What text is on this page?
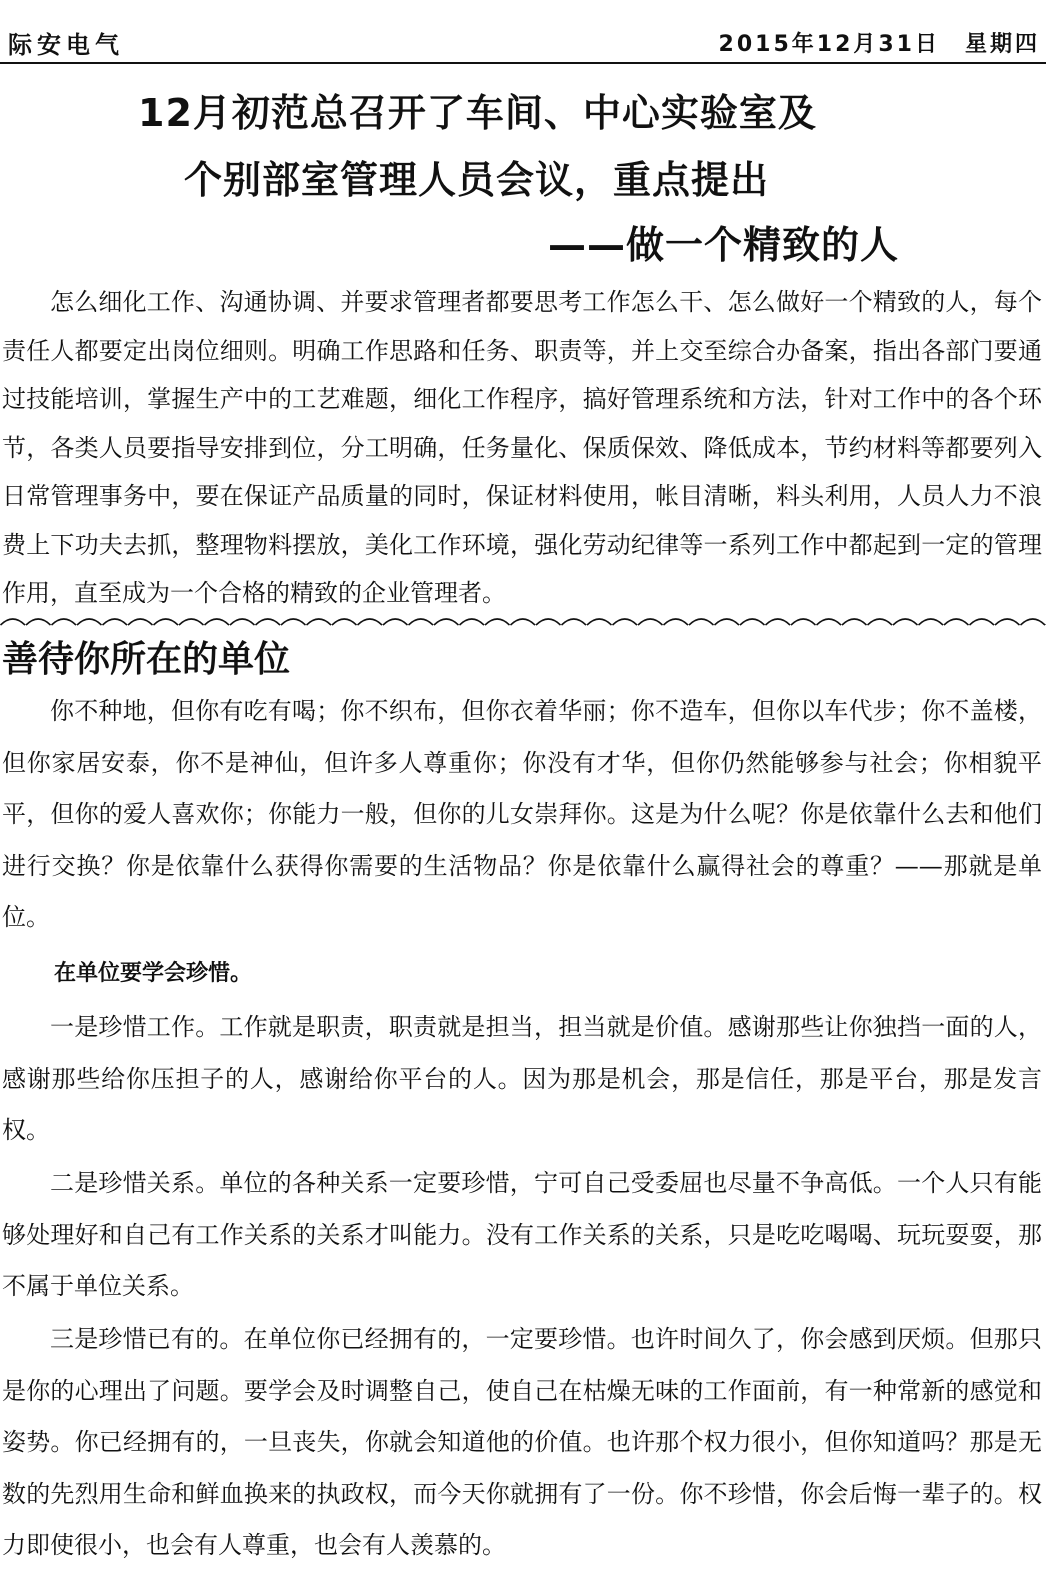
际安电气	2015年12月31日　星期四
12月初范总召开了车间、中心实验室及
个别部室管理人员会议，重点提出
——做一个精致的人

怎么细化工作、沟通协调、并要求管理者都要思考工作怎么干、怎么做好一个精致的人，每个责任人都要定出岗位细则。明确工作思路和任务、职责等，并上交至综合办备案，指出各部门要通过技能培训，掌握生产中的工艺难题，细化工作程序，搞好管理系统和方法，针对工作中的各个环节，各类人员要指导安排到位，分工明确，任务量化、保质保效、降低成本，节约材料等都要列入日常管理事务中，要在保证产品质量的同时，保证材料使用，帐目清晰，料头利用，人员人力不浪费上下功夫去抓，整理物料摆放，美化工作环境，强化劳动纪律等一系列工作中都起到一定的管理作用，直至成为一个合格的精致的企业管理者。

善待你所在的单位

你不种地，但你有吃有喝；你不织布，但你衣着华丽；你不造车，但你以车代步；你不盖楼，但你家居安泰，你不是神仙，但许多人尊重你；你没有才华，但你仍然能够参与社会；你相貌平平，但你的爱人喜欢你；你能力一般，但你的儿女崇拜你。这是为什么呢？你是依靠什么去和他们进行交换？你是依靠什么获得你需要的生活物品？你是依靠什么赢得社会的尊重？——那就是单位。

在单位要学会珍惜。

一是珍惜工作。工作就是职责，职责就是担当，担当就是价值。感谢那些让你独挡一面的人，感谢那些给你压担子的人，感谢给你平台的人。因为那是机会，那是信任，那是平台，那是发言权。

二是珍惜关系。单位的各种关系一定要珍惜，宁可自己受委屈也尽量不争高低。一个人只有能够处理好和自己有工作关系的关系才叫能力。没有工作关系的关系，只是吃吃喝喝、玩玩耍耍，那不属于单位关系。

三是珍惜已有的。在单位你已经拥有的，一定要珍惜。也许时间久了，你会感到厌烦。但那只是你的心理出了问题。要学会及时调整自己，使自己在枯燥无味的工作面前，有一种常新的感觉和姿势。你已经拥有的，一旦丧失，你就会知道他的价值。也许那个权力很小，但你知道吗？那是无数的先烈用生命和鲜血换来的执政权，而今天你就拥有了一份。你不珍惜，你会后悔一辈子的。权力即使很小，也会有人尊重，也会有人羡慕的。
